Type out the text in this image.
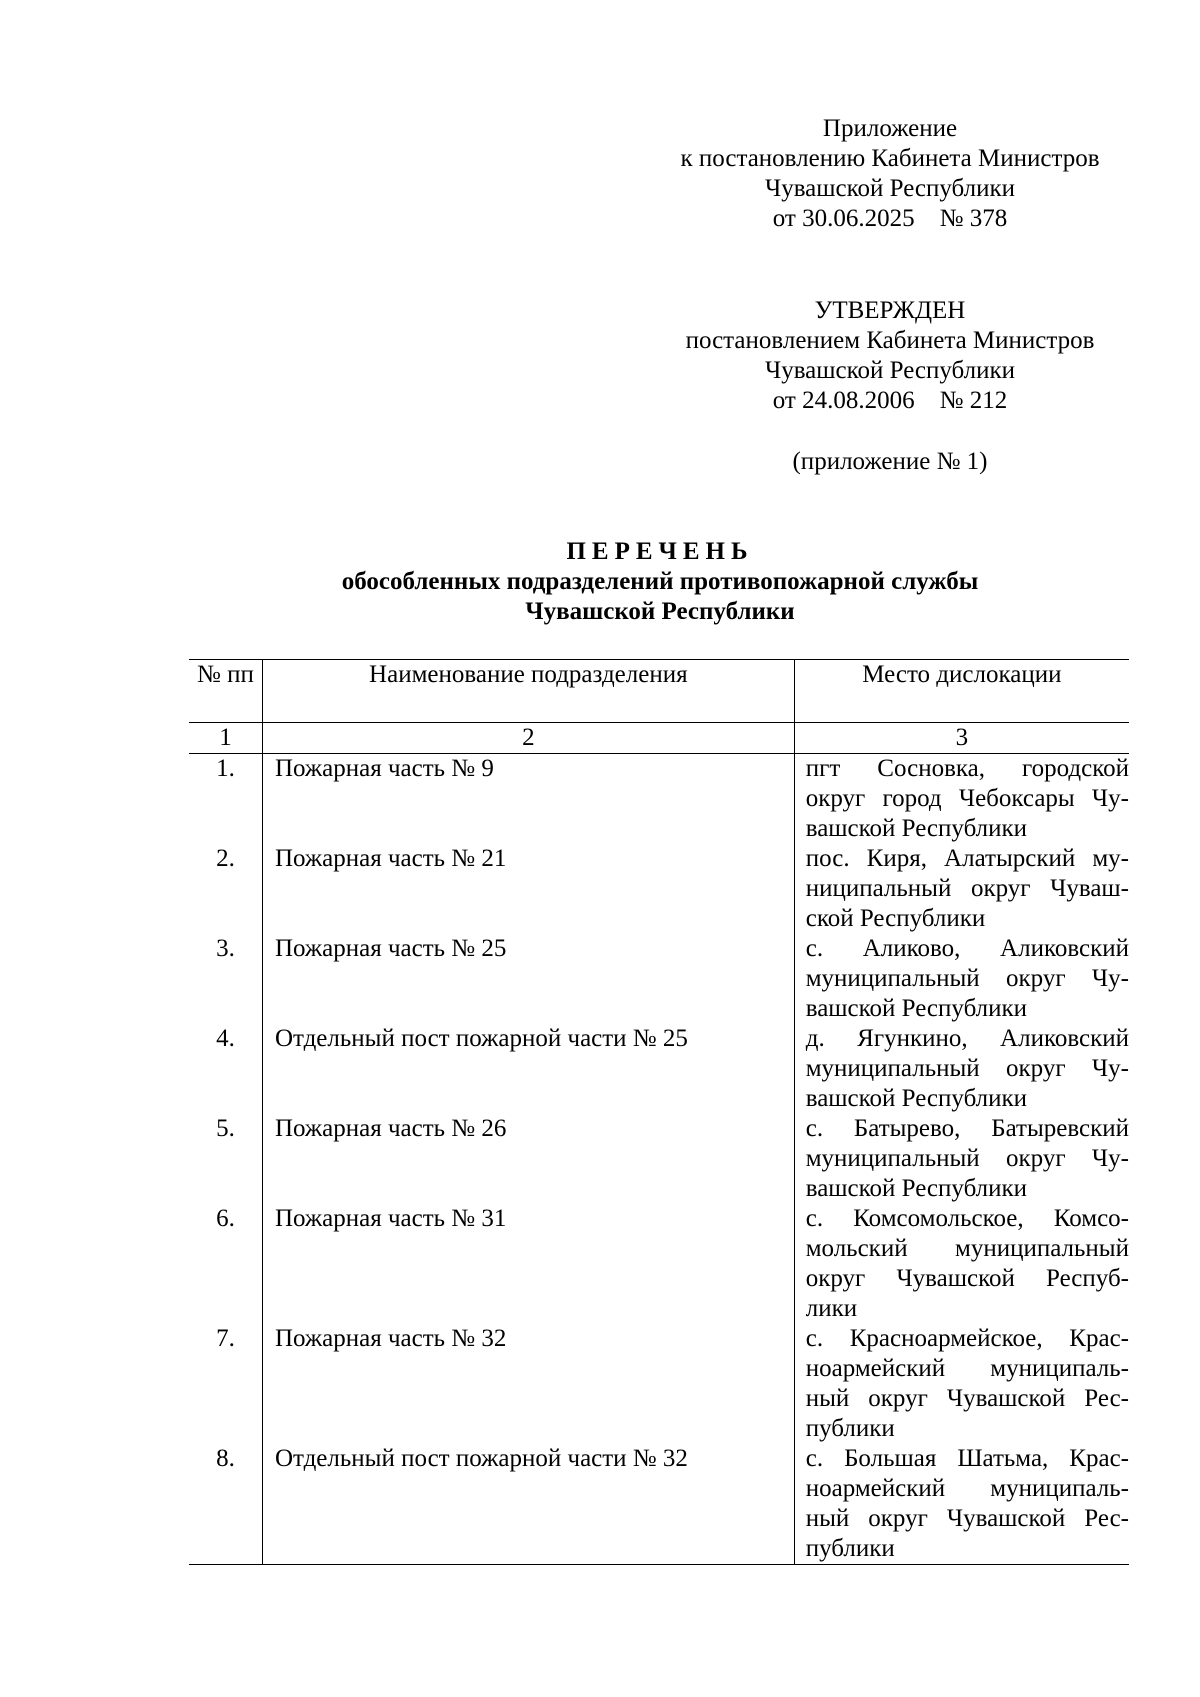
Приложение
к постановлению Кабинета Министров
Чувашской Республики
от 30.06.2025    № 378
УТВЕРЖДЕН
постановлением Кабинета Министров
Чувашской Республики
от 24.08.2006    № 212
(приложение № 1)
ПЕРЕЧЕНЬ
обособленных подразделений противопожарной службы
Чувашской Республики
№ пп	Наименование подразделения	Место дислокации
1	2	3
1.	Пожарная часть № 9	пгт Сосновка, городской
округ город Чебоксары Чу-
вашской Республики

2.	Пожарная часть № 21	пос. Киря, Алатырский му-
ниципальный округ Чуваш-
ской Республики

3.	Пожарная часть № 25	с. Аликово, Аликовский
муниципальный округ Чу-
вашской Республики

4.	Отдельный пост пожарной части № 25	д. Ягункино, Аликовский
муниципальный округ Чу-
вашской Республики

5.	Пожарная часть № 26	с. Батырево, Батыревский
муниципальный округ Чу-
вашской Республики

6.	Пожарная часть № 31	с. Комсомольское, Комсо-
мольский муниципальный
округ Чувашской Респуб-
лики

7.	Пожарная часть № 32	с. Красноармейское, Крас-
ноармейский муниципаль-
ный округ Чувашской Рес-
публики

8.	Отдельный пост пожарной части № 32	с. Большая Шатьма, Крас-
ноармейский муниципаль-
ный округ Чувашской Рес-
публики
